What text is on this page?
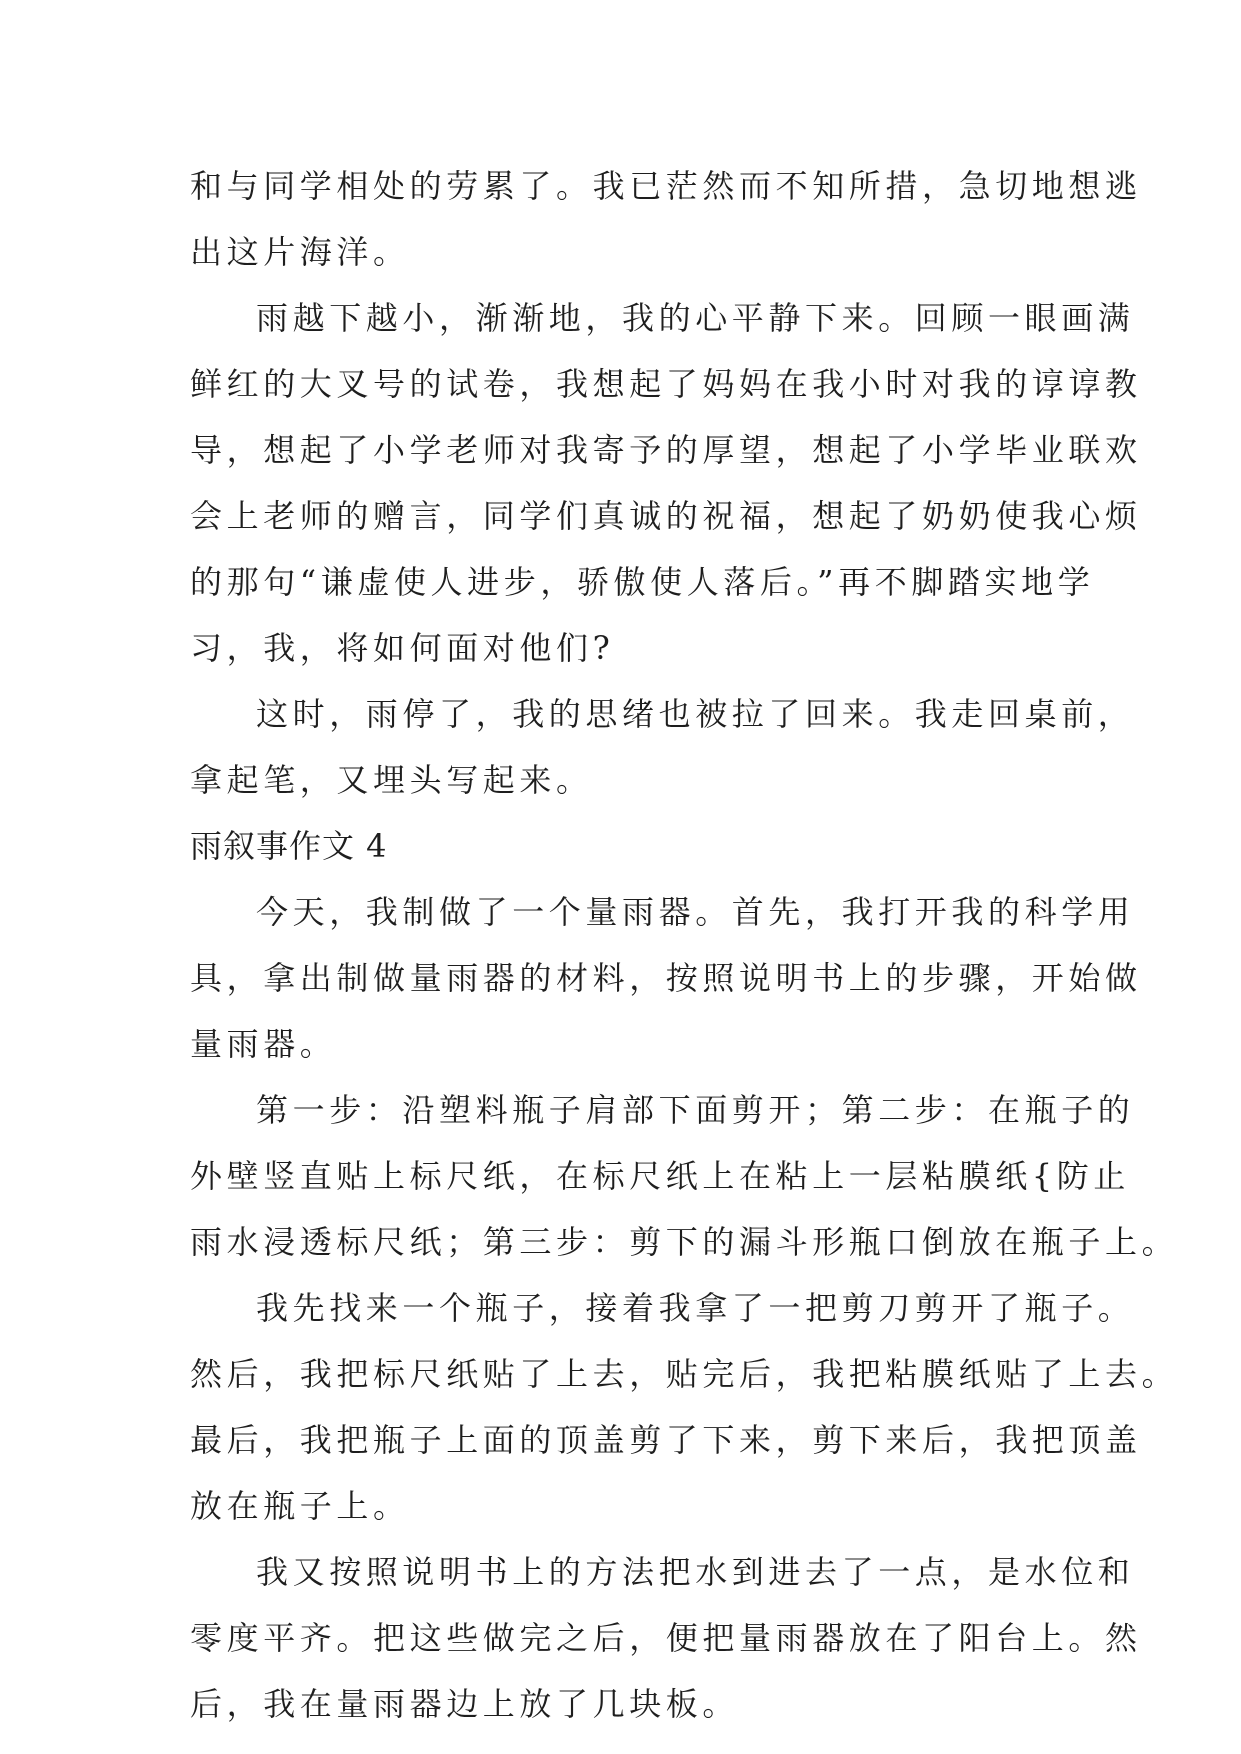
和与同学相处的劳累了。我已茫然而不知所措，急切地想逃
出这片海洋。
雨越下越小，渐渐地，我的心平静下来。回顾一眼画满
鲜红的大叉号的试卷，我想起了妈妈在我小时对我的谆谆教
导，想起了小学老师对我寄予的厚望，想起了小学毕业联欢
会上老师的赠言，同学们真诚的祝福，想起了奶奶使我心烦
的那句“谦虚使人进步，骄傲使人落后。”再不脚踏实地学
习，我，将如何面对他们?
这时，雨停了，我的思绪也被拉了回来。我走回桌前，
拿起笔，又埋头写起来。
雨叙事作文 4
今天，我制做了一个量雨器。首先，我打开我的科学用
具，拿出制做量雨器的材料，按照说明书上的步骤，开始做
量雨器。
第一步：沿塑料瓶子肩部下面剪开；第二步：在瓶子的
外壁竖直贴上标尺纸，在标尺纸上在粘上一层粘膜纸{防止
雨水浸透标尺纸；第三步：剪下的漏斗形瓶口倒放在瓶子上。
我先找来一个瓶子，接着我拿了一把剪刀剪开了瓶子。
然后，我把标尺纸贴了上去，贴完后，我把粘膜纸贴了上去。
最后，我把瓶子上面的顶盖剪了下来，剪下来后，我把顶盖
放在瓶子上。
我又按照说明书上的方法把水到进去了一点，是水位和
零度平齐。把这些做完之后，便把量雨器放在了阳台上。然
后，我在量雨器边上放了几块板。
